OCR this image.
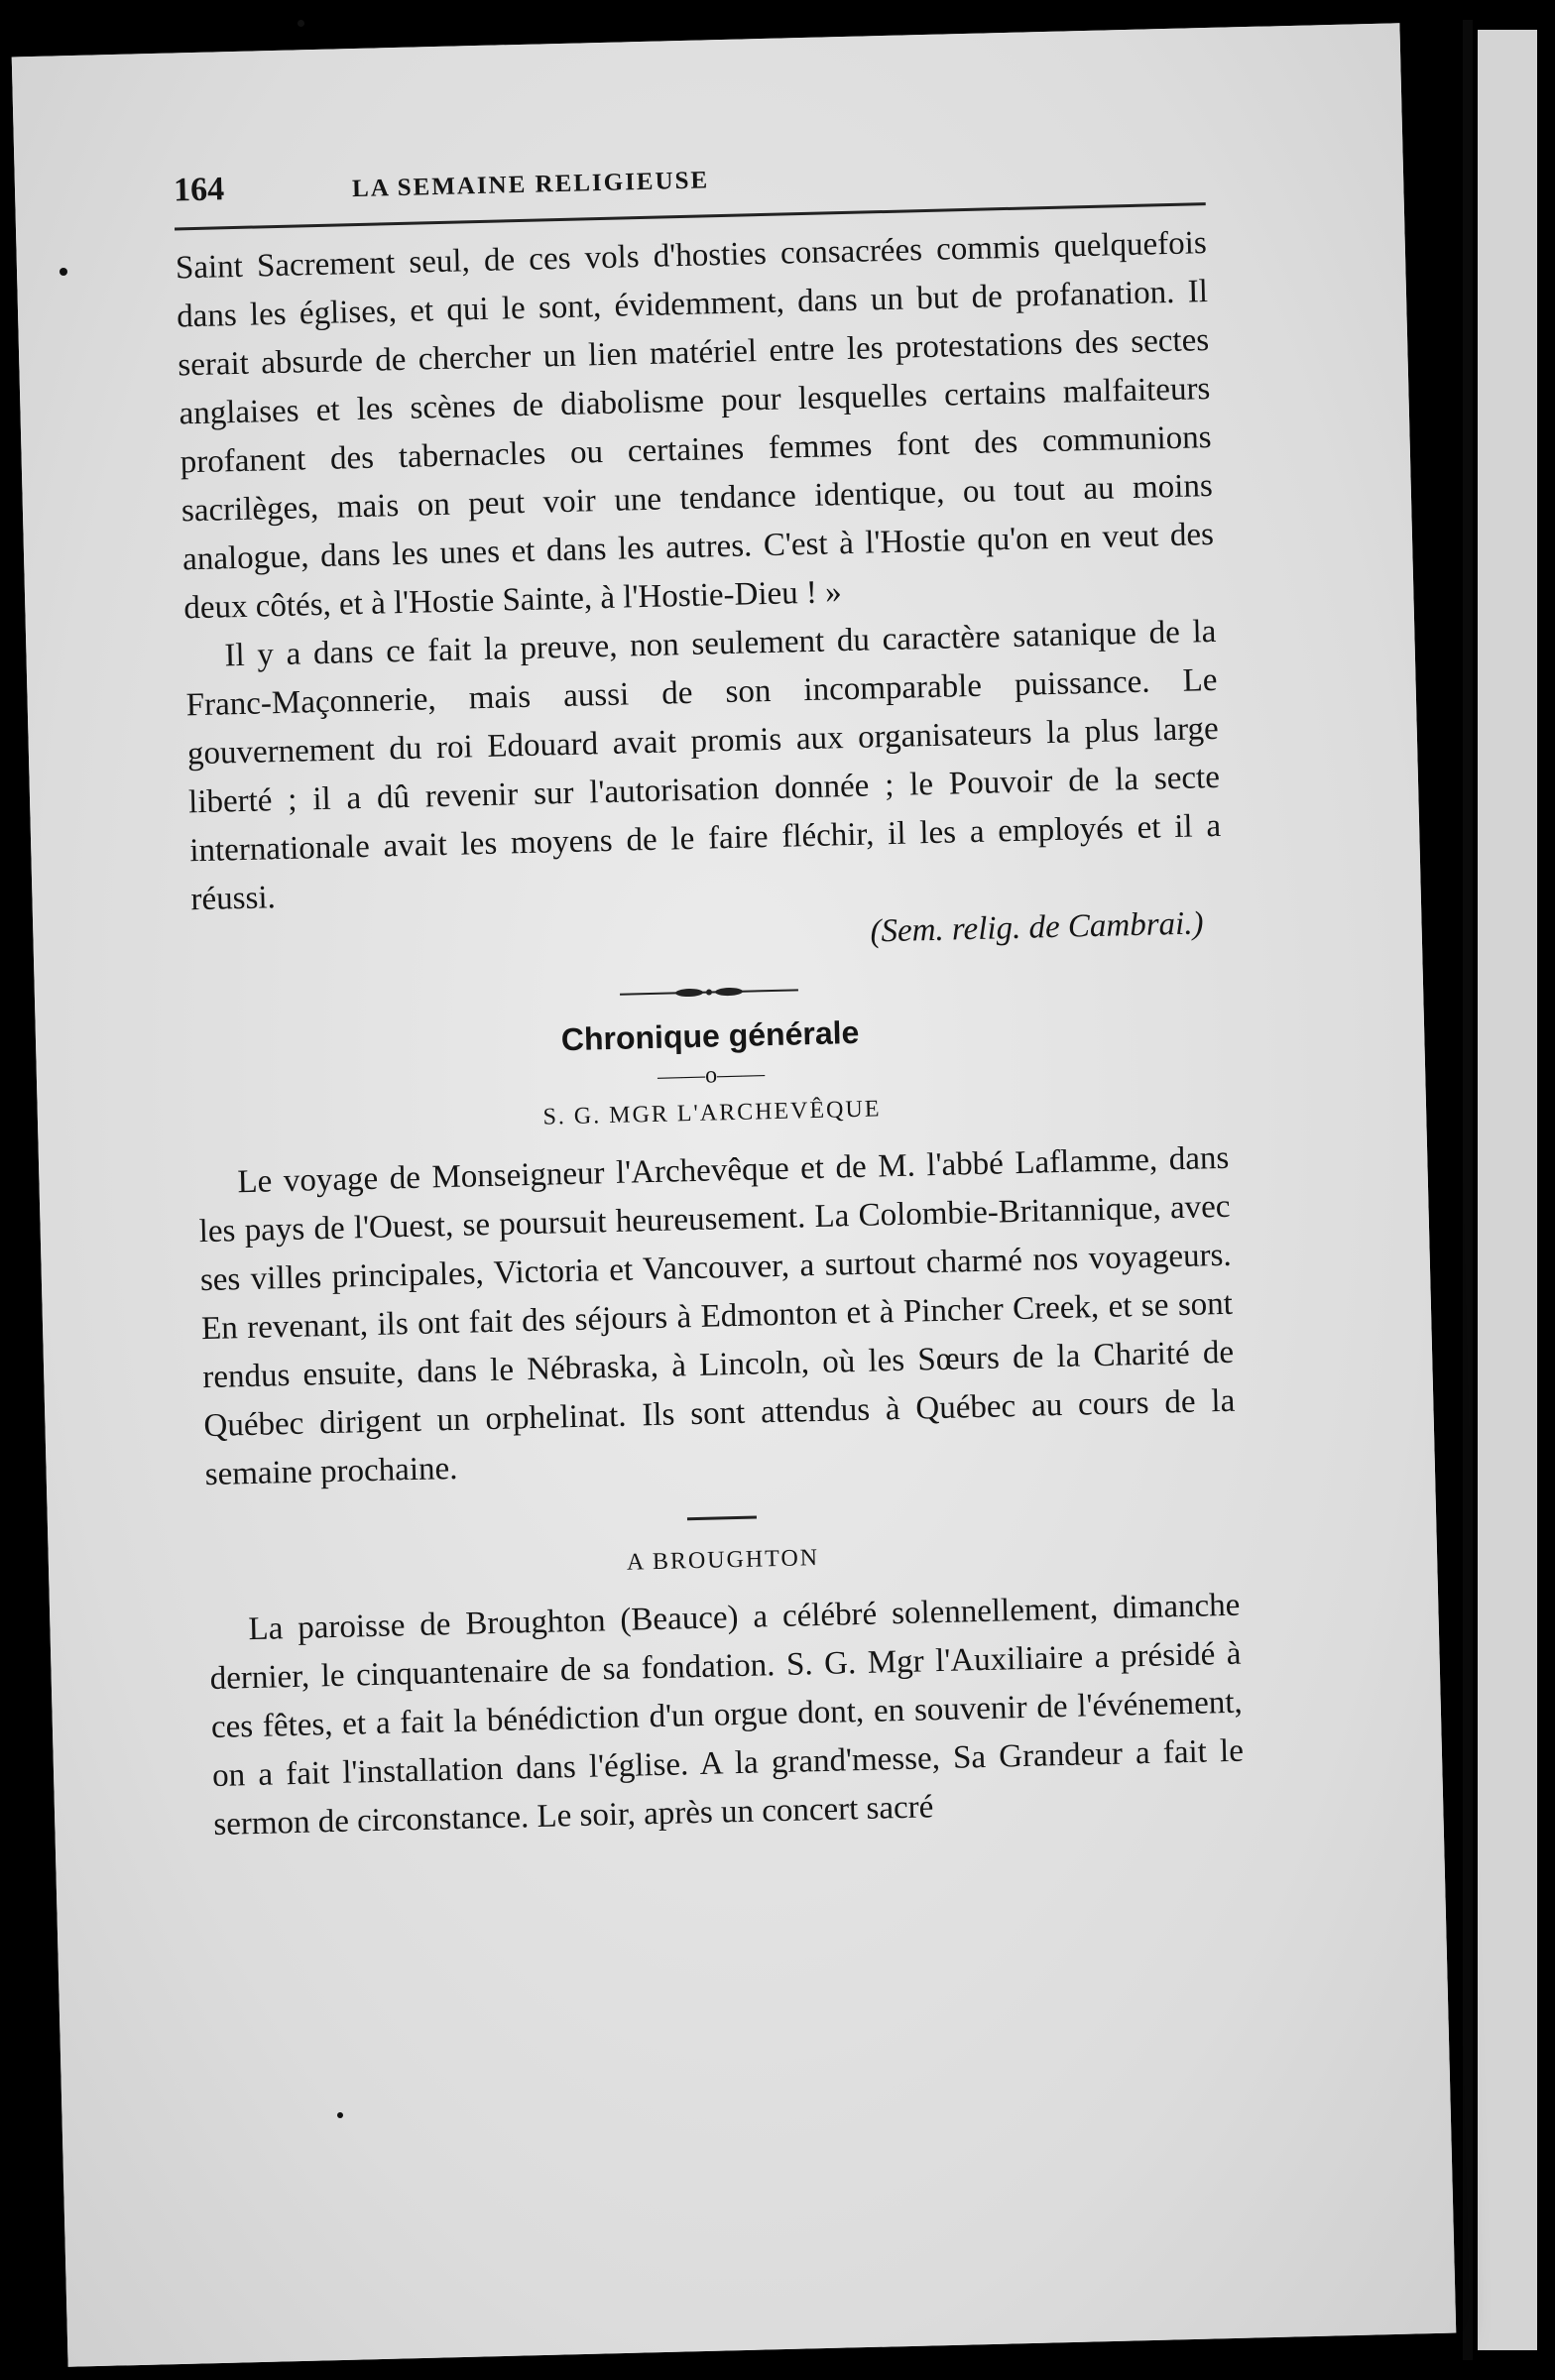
164	LA SEMAINE RELIGIEUSE

Saint Sacrement seul, de ces vols d'hosties consacrées commis quelquefois dans les églises, et qui le sont, évidemment, dans un but de profanation. Il serait absurde de chercher un lien matériel entre les protestations des sectes anglaises et les scènes de diabolisme pour lesquelles certains malfaiteurs profanent des tabernacles ou certaines femmes font des communions sacrilèges, mais on peut voir une tendance identique, ou tout au moins analogue, dans les unes et dans les autres. C'est à l'Hostie qu'on en veut des deux côtés, et à l'Hostie Sainte, à l'Hostie-Dieu ! »

Il y a dans ce fait la preuve, non seulement du caractère satanique de la Franc-Maçonnerie, mais aussi de son incomparable puissance. Le gouvernement du roi Edouard avait promis aux organisateurs la plus large liberté ; il a dû revenir sur l'autorisation donnée ; le Pouvoir de la secte internationale avait les moyens de le faire fléchir, il les a employés et il a réussi.

(Sem. relig. de Cambrai.)
Chronique générale
——o——
S. G. MGR L'ARCHEVÊQUE

Le voyage de Monseigneur l'Archevêque et de M. l'abbé Laflamme, dans les pays de l'Ouest, se poursuit heureusement. La Colombie-Britannique, avec ses villes principales, Victoria et Vancouver, a surtout charmé nos voyageurs. En revenant, ils ont fait des séjours à Edmonton et à Pincher Creek, et se sont rendus ensuite, dans le Nébraska, à Lincoln, où les Sœurs de la Charité de Québec dirigent un orphelinat. Ils sont attendus à Québec au cours de la semaine prochaine.

A BROUGHTON

La paroisse de Broughton (Beauce) a célébré solennellement, dimanche dernier, le cinquantenaire de sa fondation. S. G. Mgr l'Auxiliaire a présidé à ces fêtes, et a fait la bénédiction d'un orgue dont, en souvenir de l'événement, on a fait l'installation dans l'église. A la grand'messe, Sa Grandeur a fait le sermon de circonstance. Le soir, après un concert sacré
